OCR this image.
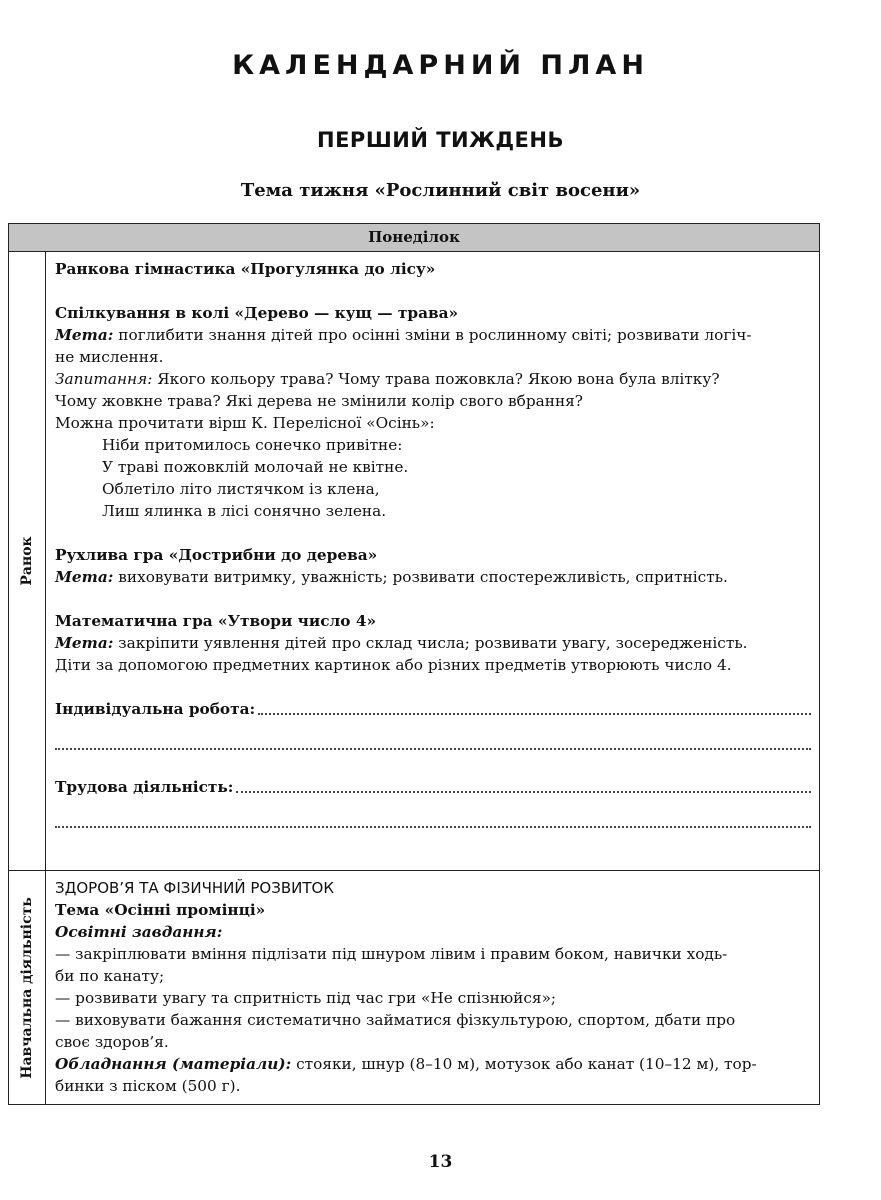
КАЛЕНДАРНИЙ ПЛАН
ПЕРШИЙ ТИЖДЕНЬ
Тема тижня «Рослинний світ восени»
Понеділок
Ранок

Ранкова гімнастика «Прогулянка до лісу»

Спілкування в колі «Дерево — кущ — трава»

Мета: поглибити знання дітей про осінні зміни в рослинному світі; розвивати логіч-

не мислення.

Запитання: Якого кольору трава? Чому трава пожовкла? Якою вона була влітку?

Чому жовкне трава? Які дерева не змінили колір свого вбрання?

Можна прочитати вірш К. Перелісної «Осінь»:

Ніби притомилось сонечко привітне:

У траві пожовклій молочай не квітне.

Облетіло літо листячком із клена,

Лиш ялинка в лісі сонячно зелена.

Рухлива гра «Дострибни до дерева»

Мета: виховувати витримку, уважність; розвивати спостережливість, спритність.

Математична гра «Утвори число 4»

Мета: закріпити уявлення дітей про склад числа; розвивати увагу, зосередженість.

Діти за допомогою предметних картинок або різних предметів утворюють число 4.

Індивідуальна робота:
Трудова діяльність:
Навчальна діяльність

ЗДОРОВ’Я ТА ФІЗИЧНИЙ РОЗВИТОК

Тема «Осінні промінці»

Освітні завдання:

— закріплювати вміння підлізати під шнуром лівим і правим боком, навички ходь-

би по канату;

— розвивати увагу та спритність під час гри «Не спізнюйся»;

— виховувати бажання систематично займатися фізкультурою, спортом, дбати про

своє здоров’я.

Обладнання (матеріали): стояки, шнур (8–10 м), мотузок або канат (10–12 м), тор-

бинки з піском (500 г).

13
